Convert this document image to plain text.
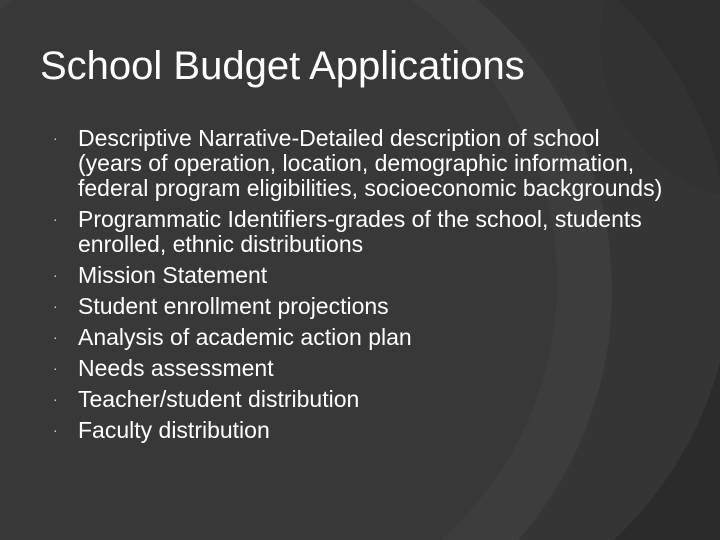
School Budget Applications
· Descriptive Narrative-Detailed description of school (years of operation, location, demographic information, federal program eligibilities, socioeconomic backgrounds)
· Programmatic Identifiers-grades of the school, students enrolled, ethnic distributions
· Mission Statement
· Student enrollment projections
· Analysis of academic action plan
· Needs assessment
· Teacher/student distribution
· Faculty distribution
